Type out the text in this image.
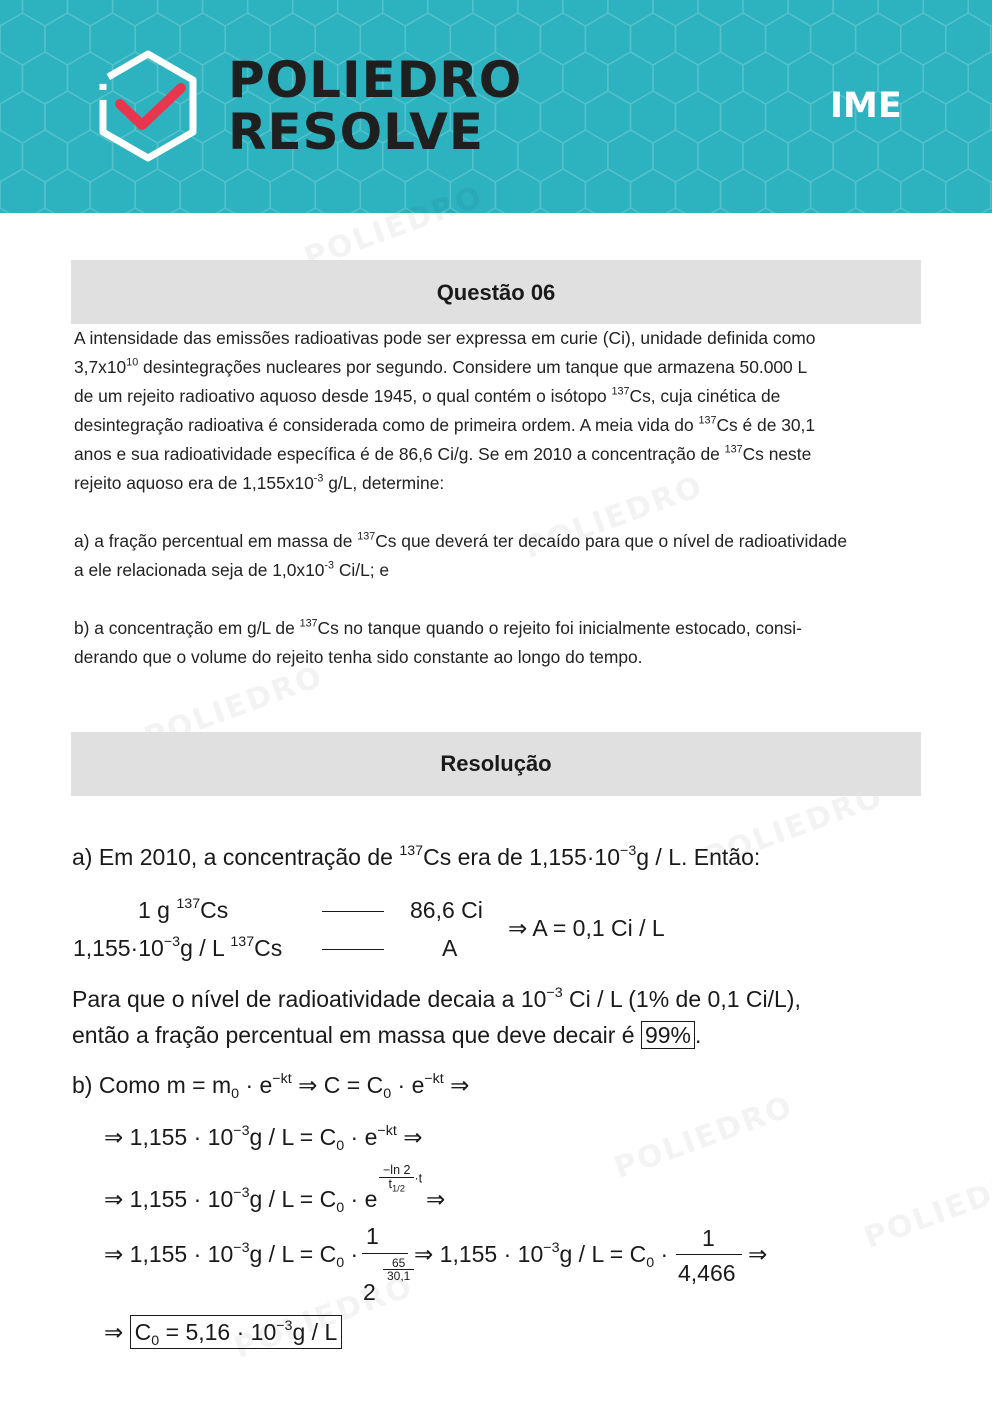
POLIEDRO
RESOLVE	IME
Questão 06
A intensidade das emissões radioativas pode ser expressa em curie (Ci), unidade definida como
$3,7x10^{10}$ desintegrações nucleares por segundo. Considere um tanque que armazena 50.000 L
de um rejeito radioativo aquoso desde 1945, o qual contém o isótopo $^{137}$Cs, cuja cinética de
desintegração radioativa é considerada como de primeira ordem. A meia vida do $^{137}$Cs é de 30,1
anos e sua radioatividade específica é de 86,6 Ci/g. Se em 2010 a concentração de $^{137}$Cs neste
rejeito aquoso era de $1,155x10^{-3}$ g/L, determine:
a) a fração percentual em massa de $^{137}$Cs que deverá ter decaído para que o nível de radioatividade
a ele relacionada seja de $1,0x10^{-3}$ Ci/L; e
b) a concentração em g/L de $^{137}$Cs no tanque quando o rejeito foi inicialmente estocado, consi-
derando que o volume do rejeito tenha sido constante ao longo do tempo.
Resolução
a) Em 2010, a concentração de $^{137}$Cs era de $1,155\cdot 10^{-3}g / L$. Então:
1 g $^{137}$Cs	86,6 Ci
$1,155\cdot 10^{-3}g / L$ $^{137}$Cs	A
⇒ A = 0,1 Ci / L
Para que o nível de radioatividade decaia a $10^{-3}$ Ci / L (1% de 0,1 Ci/L),
então a fração percentual em massa que deve decair é 99% .
b) Como $m = m_0 \cdot e^{-kt}$ ⇒ $C = C_0 \cdot e^{-kt}$ ⇒
⇒ $1,155 \cdot 10^{-3}g / L = C_0 \cdot e^{-kt}$ ⇒
⇒ $1,155 \cdot 10^{-3}g / L = C_0 \cdot e$
$\frac{-\ln 2}{t_{1/2}} \cdot t$
⇒
⇒ $1,155 \cdot 10^{-3}g / L = C_0$ ·
1
2
$\frac{65}{30,1}$
⇒ $1,155 \cdot 10^{-3}g / L = C_0$ ·
1
4,466
⇒
⇒ $C_0 = 5,16 \cdot 10^{-3}g / L$
